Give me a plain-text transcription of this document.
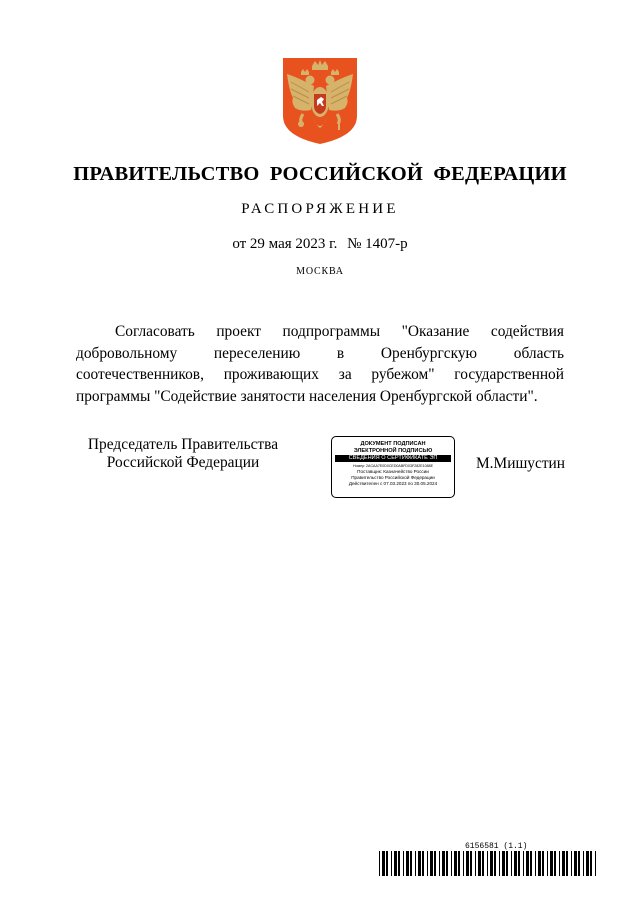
ПРАВИТЕЛЬСТВО РОССИЙСКОЙ ФЕДЕРАЦИИ
РАСПОРЯЖЕНИЕ
от 29 мая 2023 г. № 1407-р
МОСКВА
Согласовать проект подпрограммы "Оказание содействия добровольному переселению в Оренбургскую область соотечественников, проживающих за рубежом" государственной программы "Содействие занятости населения Оренбургской области".
Председатель Правительства
Российской Федерации
ДОКУМЕНТ ПОДПИСАН
ЭЛЕКТРОННОЙ ПОДПИСЬЮ
СВЕДЕНИЯ О СЕРТИФИКАТЕ ЭП
Номер: 2ACAA7E0D0CED0ABFD03F282E1088E
Поставщик: Казначейство России
Правительство Российской Федерации
Действителен с 07.03.2023 по 30.05.2024
М.Мишустин
6156581 (1.1)
